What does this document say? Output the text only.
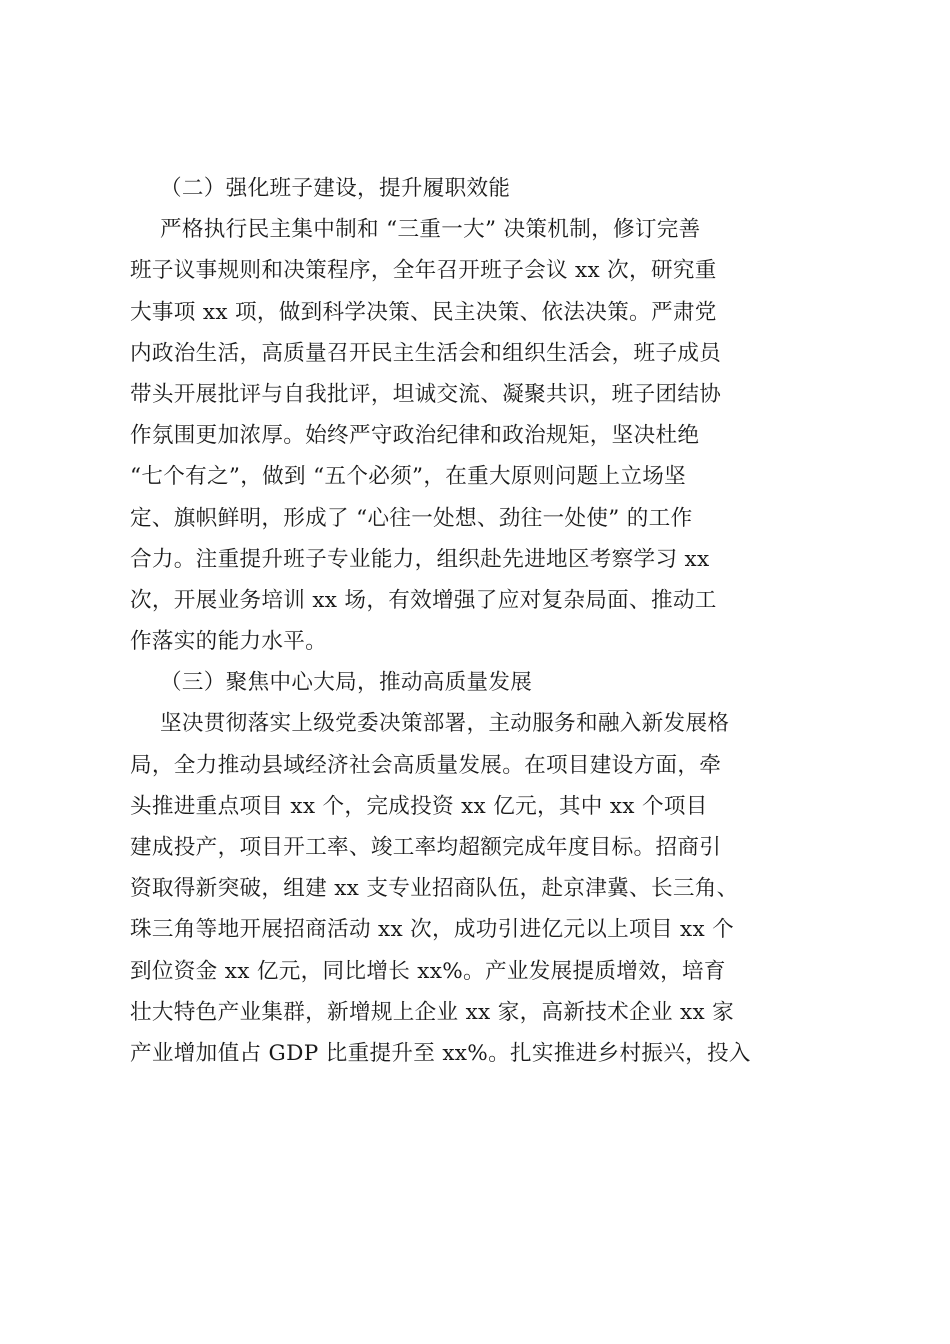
（二）强化班子建设，提升履职效能
严格执行民主集中制和 “三重一大” 决策机制，修订完善
班子议事规则和决策程序，全年召开班子会议 xx 次，研究重
大事项 xx 项，做到科学决策、民主决策、依法决策。严肃党
内政治生活，高质量召开民主生活会和组织生活会，班子成员
带头开展批评与自我批评，坦诚交流、凝聚共识，班子团结协
作氛围更加浓厚。始终严守政治纪律和政治规矩，坚决杜绝
“七个有之”，做到 “五个必须”，在重大原则问题上立场坚
定、旗帜鲜明，形成了 “心往一处想、劲往一处使” 的工作
合力。注重提升班子专业能力，组织赴先进地区考察学习 xx
次，开展业务培训 xx 场，有效增强了应对复杂局面、推动工
作落实的能力水平。
（三）聚焦中心大局，推动高质量发展
坚决贯彻落实上级党委决策部署，主动服务和融入新发展格
局，全力推动县域经济社会高质量发展。在项目建设方面，牵
头推进重点项目 xx 个，完成投资 xx 亿元，其中 xx 个项目
建成投产，项目开工率、竣工率均超额完成年度目标。招商引
资取得新突破，组建 xx 支专业招商队伍，赴京津冀、长三角、
珠三角等地开展招商活动 xx 次，成功引进亿元以上项目 xx 个
到位资金 xx 亿元，同比增长 xx%。产业发展提质增效，培育
壮大特色产业集群，新增规上企业 xx 家，高新技术企业 xx 家
产业增加值占 GDP 比重提升至 xx%。扎实推进乡村振兴，投入
